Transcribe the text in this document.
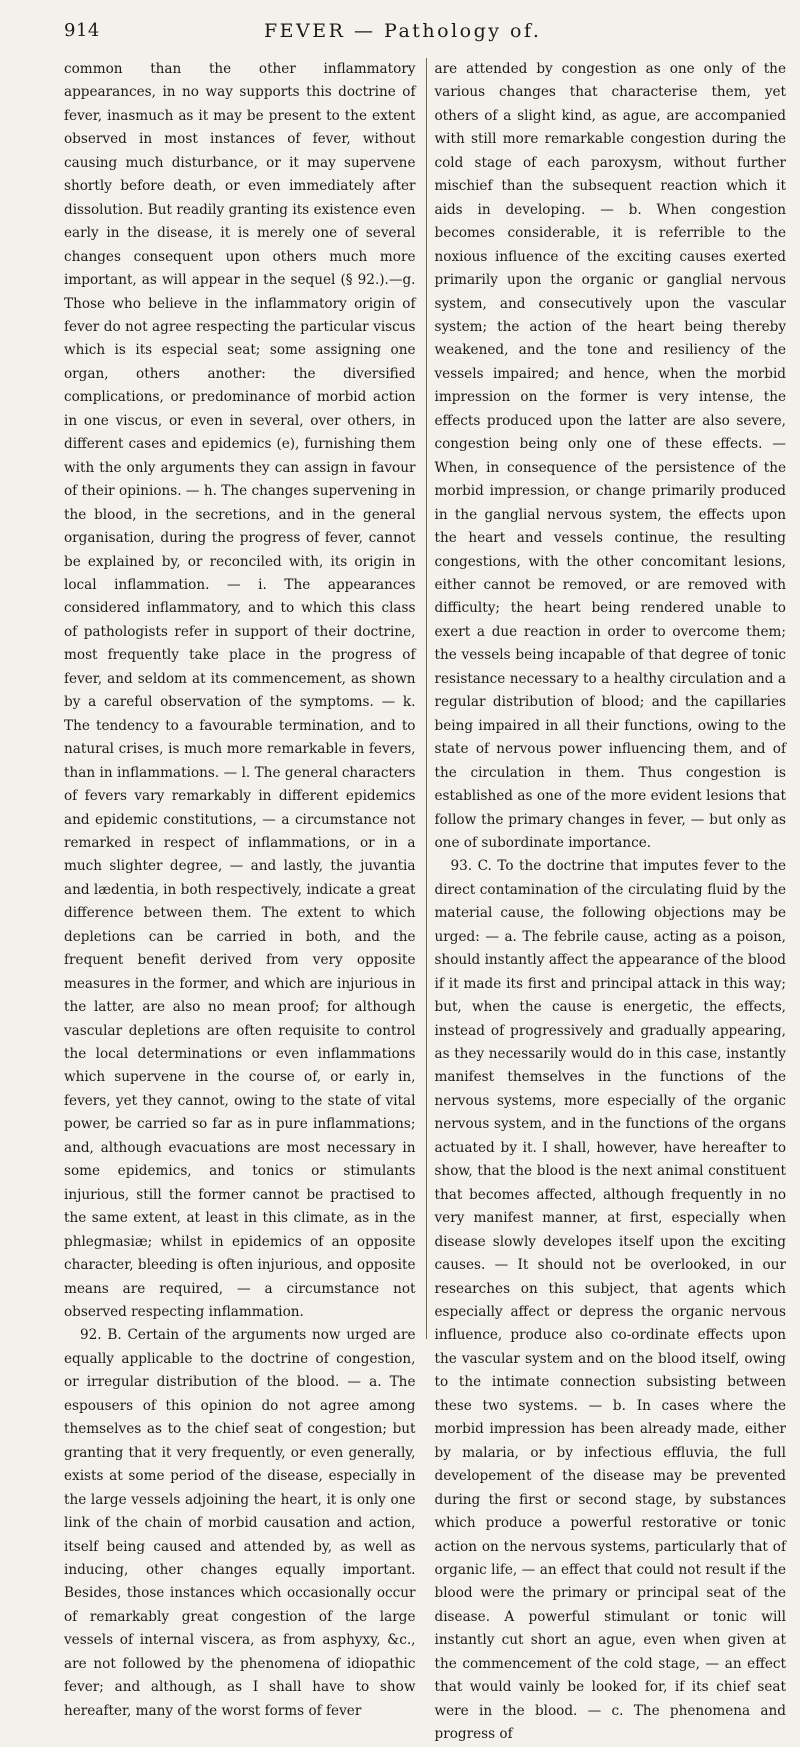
914	FEVER — Pathology of.

common than the other inflammatory appearances, in no way supports this doctrine of fever, inasmuch as it may be present to the extent observed in most instances of fever, without causing much disturbance, or it may supervene shortly before death, or even immediately after dissolution. But readily granting its existence even early in the disease, it is merely one of several changes consequent upon others much more important, as will appear in the sequel (§ 92.).—g. Those who believe in the inflammatory origin of fever do not agree respecting the particular viscus which is its especial seat; some assigning one organ, others another: the diversified complications, or predominance of morbid action in one viscus, or even in several, over others, in different cases and epidemics (e), furnishing them with the only arguments they can assign in favour of their opinions. — h. The changes supervening in the blood, in the secretions, and in the general organisation, during the progress of fever, cannot be explained by, or reconciled with, its origin in local inflammation. — i. The appearances considered inflammatory, and to which this class of pathologists refer in support of their doctrine, most frequently take place in the progress of fever, and seldom at its commencement, as shown by a careful observation of the symptoms. — k. The tendency to a favourable termination, and to natural crises, is much more remarkable in fevers, than in inflammations. — l. The general characters of fevers vary remarkably in different epidemics and epidemic constitutions, — a circumstance not remarked in respect of inflammations, or in a much slighter degree, — and lastly, the juvantia and lædentia, in both respectively, indicate a great difference between them. The extent to which depletions can be carried in both, and the frequent benefit derived from very opposite measures in the former, and which are injurious in the latter, are also no mean proof; for although vascular depletions are often requisite to control the local determinations or even inflammations which supervene in the course of, or early in, fevers, yet they cannot, owing to the state of vital power, be carried so far as in pure inflammations; and, although evacuations are most necessary in some epidemics, and tonics or stimulants injurious, still the former cannot be practised to the same extent, at least in this climate, as in the phlegmasiæ; whilst in epidemics of an opposite character, bleeding is often injurious, and opposite means are required, — a circumstance not observed respecting inflammation.

92. B. Certain of the arguments now urged are equally applicable to the doctrine of congestion, or irregular distribution of the blood. — a. The espousers of this opinion do not agree among themselves as to the chief seat of congestion; but granting that it very frequently, or even generally, exists at some period of the disease, especially in the large vessels adjoining the heart, it is only one link of the chain of morbid causation and action, itself being caused and attended by, as well as inducing, other changes equally important. Besides, those instances which occasionally occur of remarkably great congestion of the large vessels of internal viscera, as from asphyxy, &c., are not followed by the phenomena of idiopathic fever; and although, as I shall have to show hereafter, many of the worst forms of fever

are attended by congestion as one only of the various changes that characterise them, yet others of a slight kind, as ague, are accompanied with still more remarkable congestion during the cold stage of each paroxysm, without further mischief than the subsequent reaction which it aids in developing. — b. When congestion becomes considerable, it is referrible to the noxious influence of the exciting causes exerted primarily upon the organic or ganglial nervous system, and consecutively upon the vascular system; the action of the heart being thereby weakened, and the tone and resiliency of the vessels impaired; and hence, when the morbid impression on the former is very intense, the effects produced upon the latter are also severe, congestion being only one of these effects. — When, in consequence of the persistence of the morbid impression, or change primarily produced in the ganglial nervous system, the effects upon the heart and vessels continue, the resulting congestions, with the other concomitant lesions, either cannot be removed, or are removed with difficulty; the heart being rendered unable to exert a due reaction in order to overcome them; the vessels being incapable of that degree of tonic resistance necessary to a healthy circulation and a regular distribution of blood; and the capillaries being impaired in all their functions, owing to the state of nervous power influencing them, and of the circulation in them. Thus congestion is established as one of the more evident lesions that follow the primary changes in fever, — but only as one of subordinate importance.

93. C. To the doctrine that imputes fever to the direct contamination of the circulating fluid by the material cause, the following objections may be urged: — a. The febrile cause, acting as a poison, should instantly affect the appearance of the blood if it made its first and principal attack in this way; but, when the cause is energetic, the effects, instead of progressively and gradually appearing, as they necessarily would do in this case, instantly manifest themselves in the functions of the nervous systems, more especially of the organic nervous system, and in the functions of the organs actuated by it. I shall, however, have hereafter to show, that the blood is the next animal constituent that becomes affected, although frequently in no very manifest manner, at first, especially when disease slowly developes itself upon the exciting causes. — It should not be overlooked, in our researches on this subject, that agents which especially affect or depress the organic nervous influence, produce also co-ordinate effects upon the vascular system and on the blood itself, owing to the intimate connection subsisting between these two systems. — b. In cases where the morbid impression has been already made, either by malaria, or by infectious effluvia, the full developement of the disease may be prevented during the first or second stage, by substances which produce a powerful restorative or tonic action on the nervous systems, particularly that of organic life, — an effect that could not result if the blood were the primary or principal seat of the disease. A powerful stimulant or tonic will instantly cut short an ague, even when given at the commencement of the cold stage, — an effect that would vainly be looked for, if its chief seat were in the blood. — c. The phenomena and progress of
